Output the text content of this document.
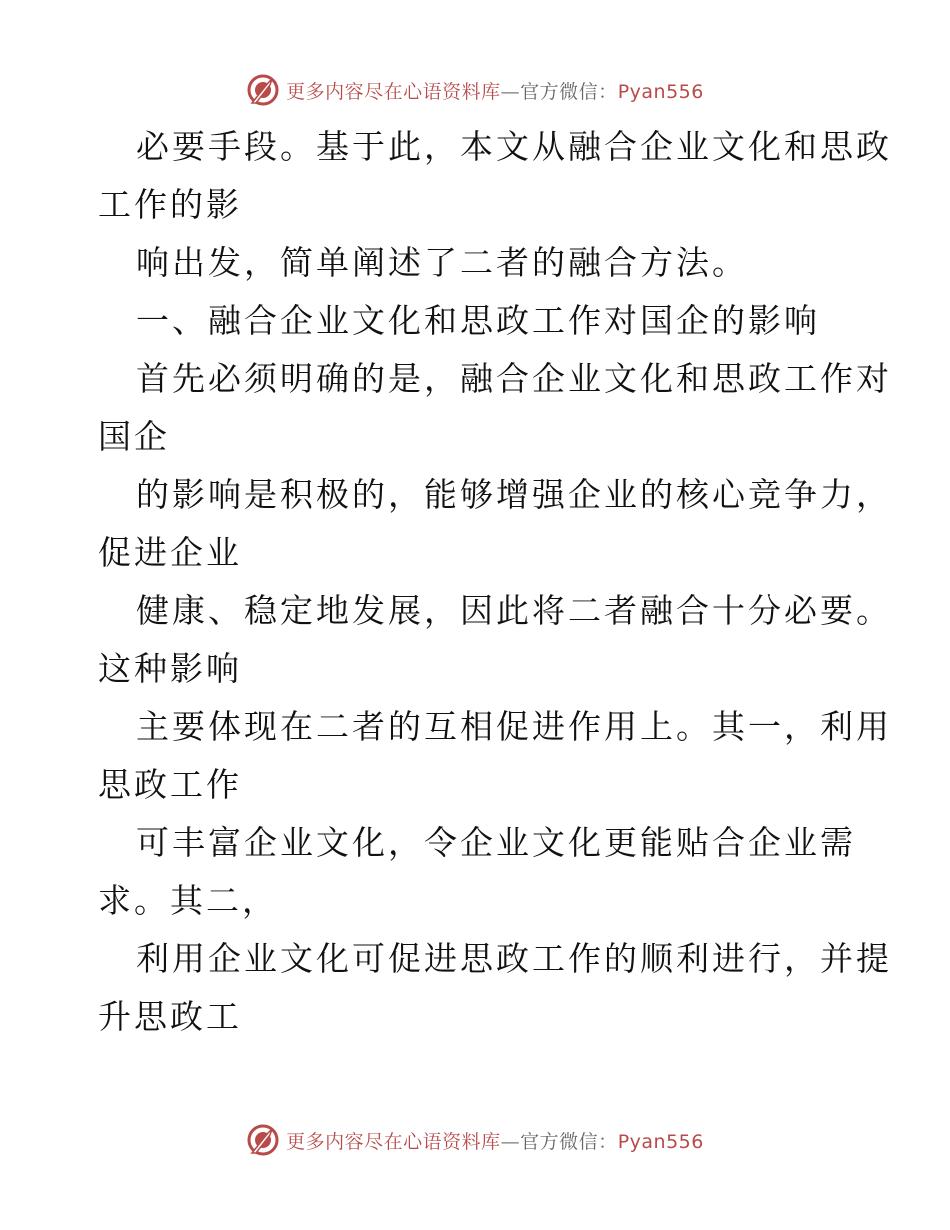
更多内容尽在心语资料库—官方微信：Pyan556
必要手段。基于此，本文从融合企业文化和思政
工作的影
响出发，简单阐述了二者的融合方法。
一、融合企业文化和思政工作对国企的影响
首先必须明确的是，融合企业文化和思政工作对
国企
的影响是积极的，能够增强企业的核心竞争力，
促进企业
健康、稳定地发展，因此将二者融合十分必要。
这种影响
主要体现在二者的互相促进作用上。其一，利用
思政工作
可丰富企业文化，令企业文化更能贴合企业需
求。其二，
利用企业文化可促进思政工作的顺利进行，并提
升思政工
更多内容尽在心语资料库—官方微信：Pyan556
